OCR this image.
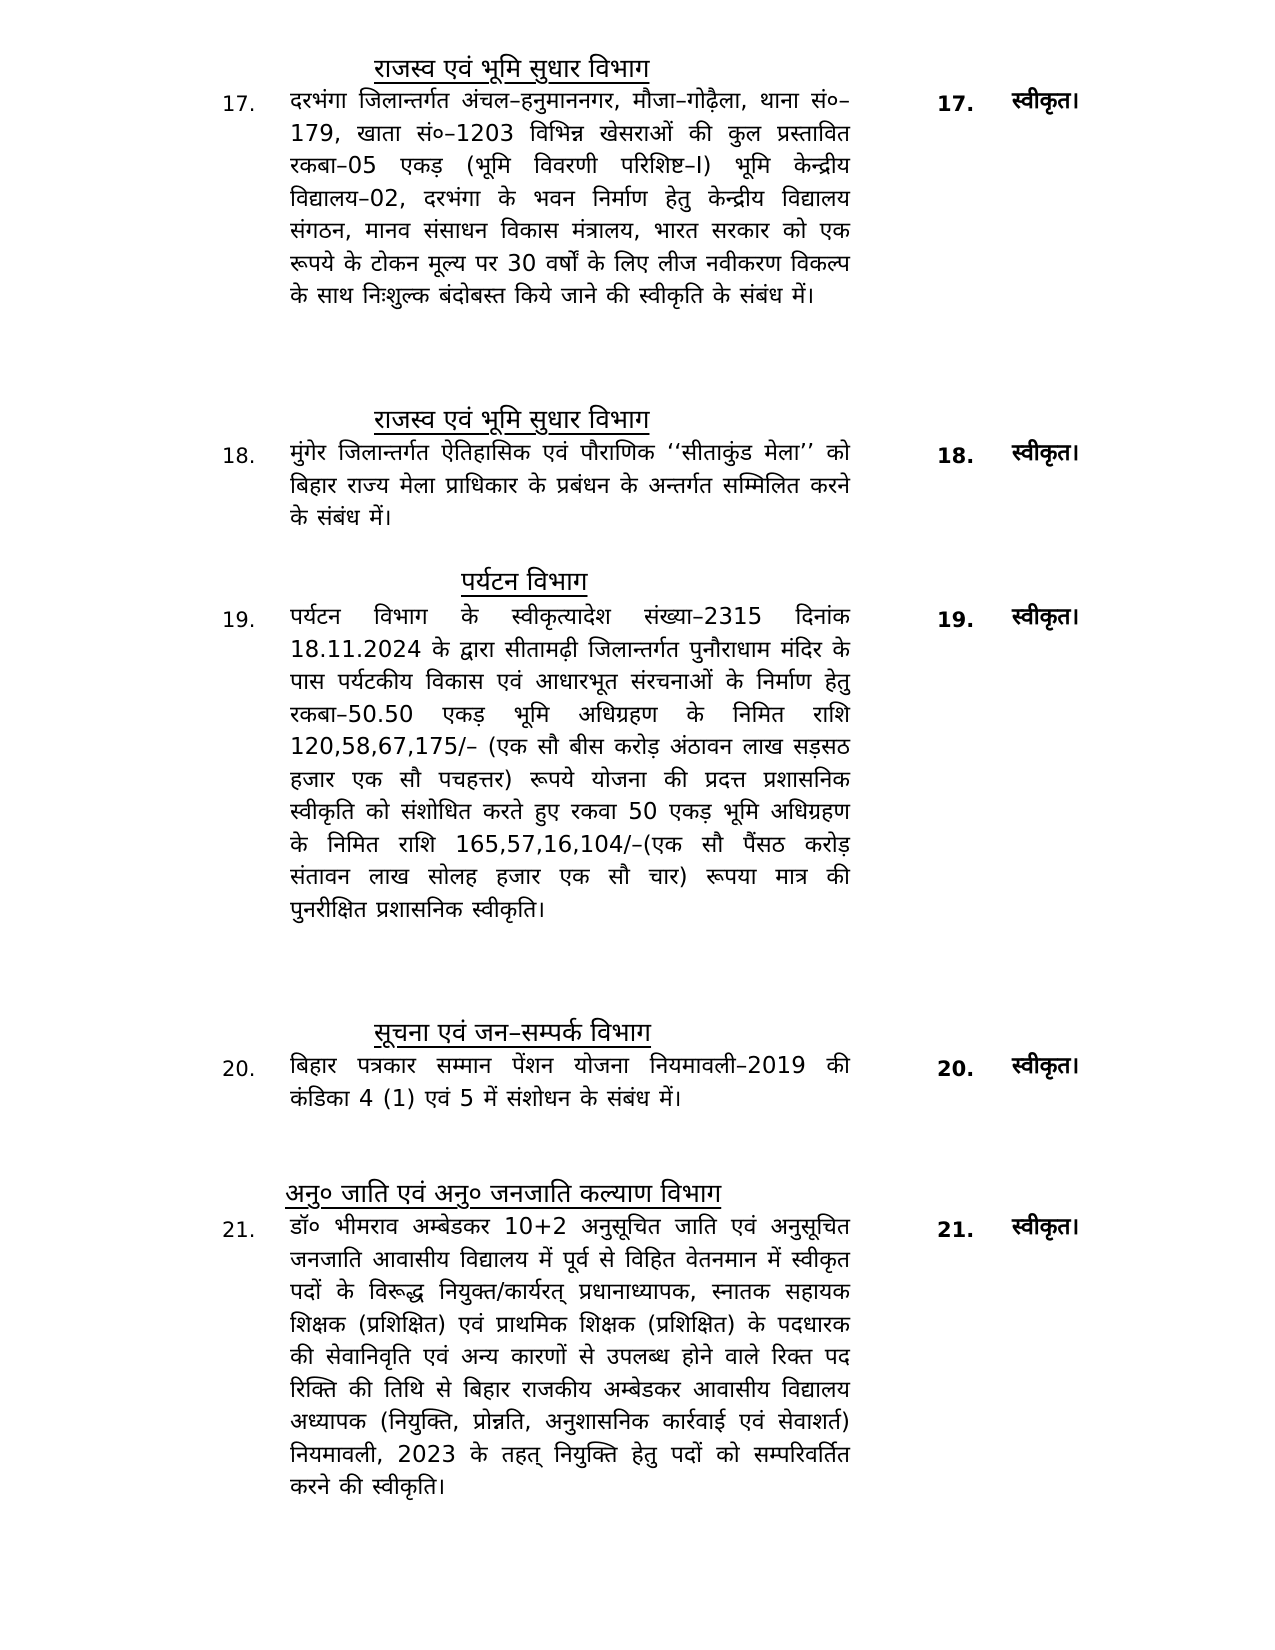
राजस्व एवं भूमि सुधार विभाग
17. दरभंगा जिलान्तर्गत अंचल–हनुमाननगर, मौजा–गोढ़ैला, थाना सं०–179, खाता सं०–1203 विभिन्न खेसराओं की कुल प्रस्तावित रकबा–05 एकड़ (भूमि विवरणी परिशिष्ट–I) भूमि केन्द्रीय विद्यालय–02, दरभंगा के भवन निर्माण हेतु केन्द्रीय विद्यालय संगठन, मानव संसाधन विकास मंत्रालय, भारत सरकार को एक रूपये के टोकन मूल्य पर 30 वर्षों के लिए लीज नवीकरण विकल्प के साथ निःशुल्क बंदोबस्त किये जाने की स्वीकृति के संबंध में।
17. स्वीकृत।
राजस्व एवं भूमि सुधार विभाग
18. मुंगेर जिलान्तर्गत ऐतिहासिक एवं पौराणिक ‘‘सीताकुंड मेला’’ को बिहार राज्य मेला प्राधिकार के प्रबंधन के अन्तर्गत सम्मिलित करने के संबंध में।
18. स्वीकृत।
पर्यटन विभाग
19. पर्यटन विभाग के स्वीकृत्यादेश संख्या–2315 दिनांक 18.11.2024 के द्वारा सीतामढ़ी जिलान्तर्गत पुनौराधाम मंदिर के पास पर्यटकीय विकास एवं आधारभूत संरचनाओं के निर्माण हेतु रकबा–50.50 एकड़ भूमि अधिग्रहण के निमित राशि 120,58,67,175/– (एक सौ बीस करोड़ अंठावन लाख सड़सठ हजार एक सौ पचहत्तर) रूपये योजना की प्रदत्त प्रशासनिक स्वीकृति को संशोधित करते हुए रकवा 50 एकड़ भूमि अधिग्रहण के निमित राशि 165,57,16,104/–(एक सौ पैंसठ करोड़ संतावन लाख सोलह हजार एक सौ चार) रूपया मात्र की पुनरीक्षित प्रशासनिक स्वीकृति।
19. स्वीकृत।
सूचना एवं जन–सम्पर्क विभाग
20. बिहार पत्रकार सम्मान पेंशन योजना नियमावली–2019 की कंडिका 4 (1) एवं 5 में संशोधन के संबंध में।
20. स्वीकृत।
अनु० जाति एवं अनु० जनजाति कल्याण विभाग
21. डॉ० भीमराव अम्बेडकर 10+2 अनुसूचित जाति एवं अनुसूचित जनजाति आवासीय विद्यालय में पूर्व से विहित वेतनमान में स्वीकृत पदों के विरूद्ध नियुक्त/कार्यरत् प्रधानाध्यापक, स्नातक सहायक शिक्षक (प्रशिक्षित) एवं प्राथमिक शिक्षक (प्रशिक्षित) के पदधारक की सेवानिवृति एवं अन्य कारणों से उपलब्ध होने वाले रिक्त पद रिक्ति की तिथि से बिहार राजकीय अम्बेडकर आवासीय विद्यालय अध्यापक (नियुक्ति, प्रोन्नति, अनुशासनिक कार्रवाई एवं सेवाशर्त) नियमावली, 2023 के तहत् नियुक्ति हेतु पदों को सम्परिवर्तित करने की स्वीकृति।
21. स्वीकृत।
